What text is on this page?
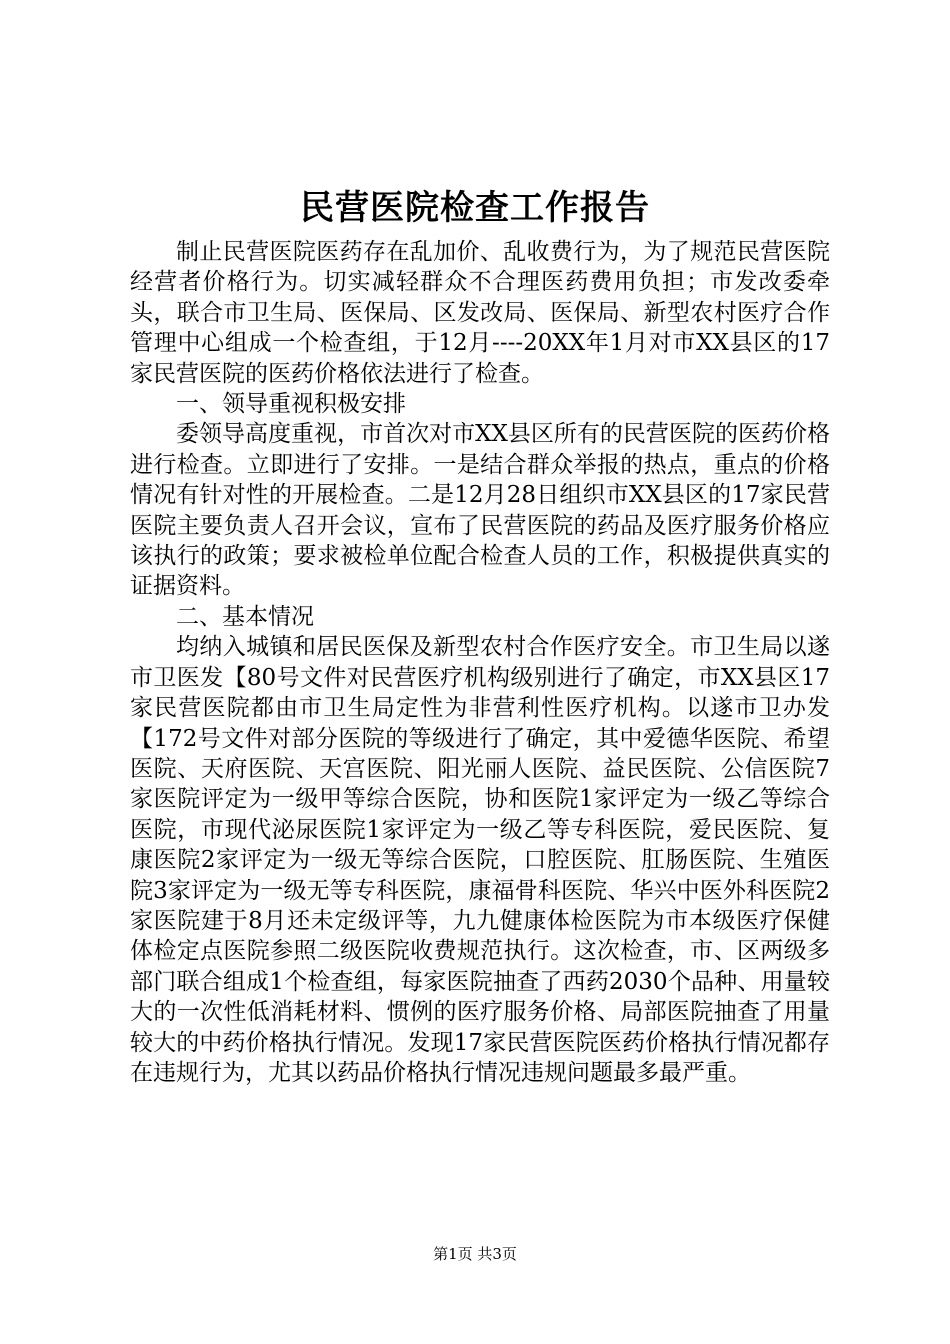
民营医院检查工作报告

制止民营医院医药存在乱加价、乱收费行为，为了规范民营医院经营者价格行为。切实减轻群众不合理医药费用负担；市发改委牵头，联合市卫生局、医保局、区发改局、医保局、新型农村医疗合作管理中心组成一个检查组，于12月----20XX年1月对市XX县区的17家民营医院的医药价格依法进行了检查。

一、领导重视积极安排

委领导高度重视，市首次对市XX县区所有的民营医院的医药价格进行检查。立即进行了安排。一是结合群众举报的热点，重点的价格情况有针对性的开展检查。二是12月28日组织市XX县区的17家民营医院主要负责人召开会议，宣布了民营医院的药品及医疗服务价格应该执行的政策；要求被检单位配合检查人员的工作，积极提供真实的证据资料。

二、基本情况

均纳入城镇和居民医保及新型农村合作医疗安全。市卫生局以遂市卫医发【80号文件对民营医疗机构级别进行了确定，市XX县区17家民营医院都由市卫生局定性为非营利性医疗机构。以遂市卫办发【172号文件对部分医院的等级进行了确定，其中爱德华医院、希望医院、天府医院、天宫医院、阳光丽人医院、益民医院、公信医院7家医院评定为一级甲等综合医院，协和医院1家评定为一级乙等综合医院，市现代泌尿医院1家评定为一级乙等专科医院，爱民医院、复康医院2家评定为一级无等综合医院，口腔医院、肛肠医院、生殖医院3家评定为一级无等专科医院，康福骨科医院、华兴中医外科医院2家医院建于8月还未定级评等，九九健康体检医院为市本级医疗保健体检定点医院参照二级医院收费规范执行。这次检查，市、区两级多部门联合组成1个检查组，每家医院抽查了西药2030个品种、用量较大的一次性低消耗材料、惯例的医疗服务价格、局部医院抽查了用量较大的中药价格执行情况。发现17家民营医院医药价格执行情况都存在违规行为，尤其以药品价格执行情况违规问题最多最严重。

第1页 共3页
